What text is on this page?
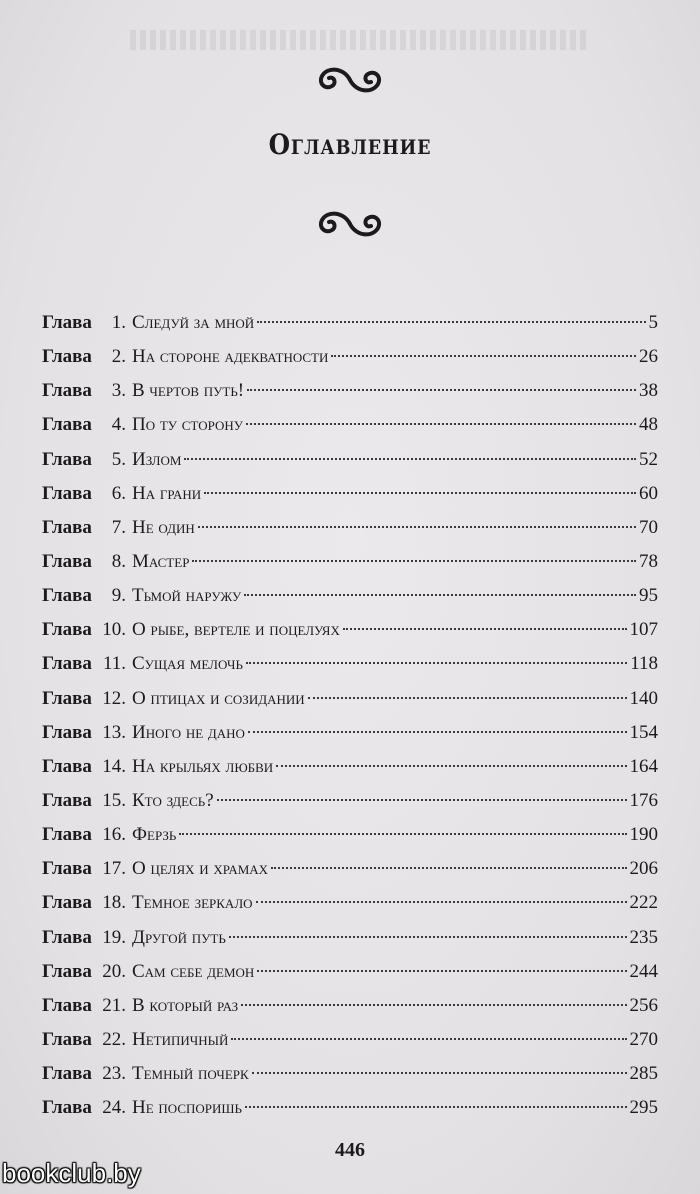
Оглавление
Глава	1. Следуй за мной	5
Глава	2. На стороне адекватности	26
Глава	3. В чертов путь!	38
Глава	4. По ту сторону	48
Глава	5. Излом	52
Глава	6. На грани	60
Глава	7. Не один	70
Глава	8. Мастер	78
Глава	9. Тьмой наружу	95
Глава 10. О рыбе, вертеле и поцелуях	107
Глава 11. Сущая мелочь	118
Глава 12. О птицах и созидании	140
Глава 13. Иного не дано	154
Глава 14. На крыльях любви	164
Глава 15. Кто здесь?	176
Глава 16. Ферзь	190
Глава 17. О целях и храмах	206
Глава 18. Темное зеркало	222
Глава 19. Другой путь	235
Глава 20. Сам себе демон	244
Глава 21. В который раз	256
Глава 22. Нетипичный	270
Глава 23. Темный почерк	285
Глава 24. Не поспоришь	295
446
bookclub.by
